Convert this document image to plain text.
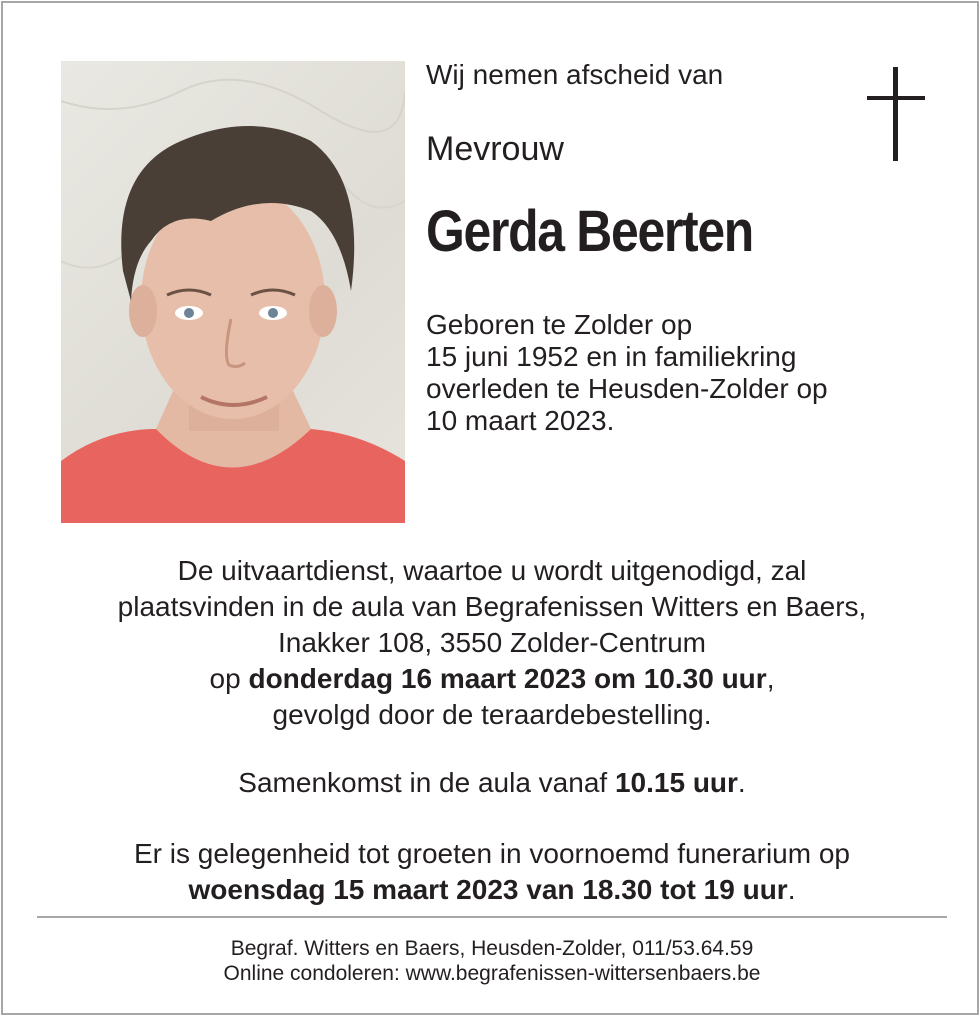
Wij nemen afscheid van
Mevrouw
Gerda Beerten
Geboren te Zolder op
15 juni 1952 en in familiekring
overleden te Heusden-Zolder op
10 maart 2023.
De uitvaartdienst, waartoe u wordt uitgenodigd, zal
plaatsvinden in de aula van Begrafenissen Witters en Baers,
Inakker 108, 3550 Zolder-Centrum
op donderdag 16 maart 2023 om 10.30 uur,
gevolgd door de teraardebestelling.
Samenkomst in de aula vanaf 10.15 uur.
Er is gelegenheid tot groeten in voornoemd funerarium op
woensdag 15 maart 2023 van 18.30 tot 19 uur.
Begraf. Witters en Baers, Heusden-Zolder, 011/53.64.59
Online condoleren: www.begrafenissen-wittersenbaers.be
